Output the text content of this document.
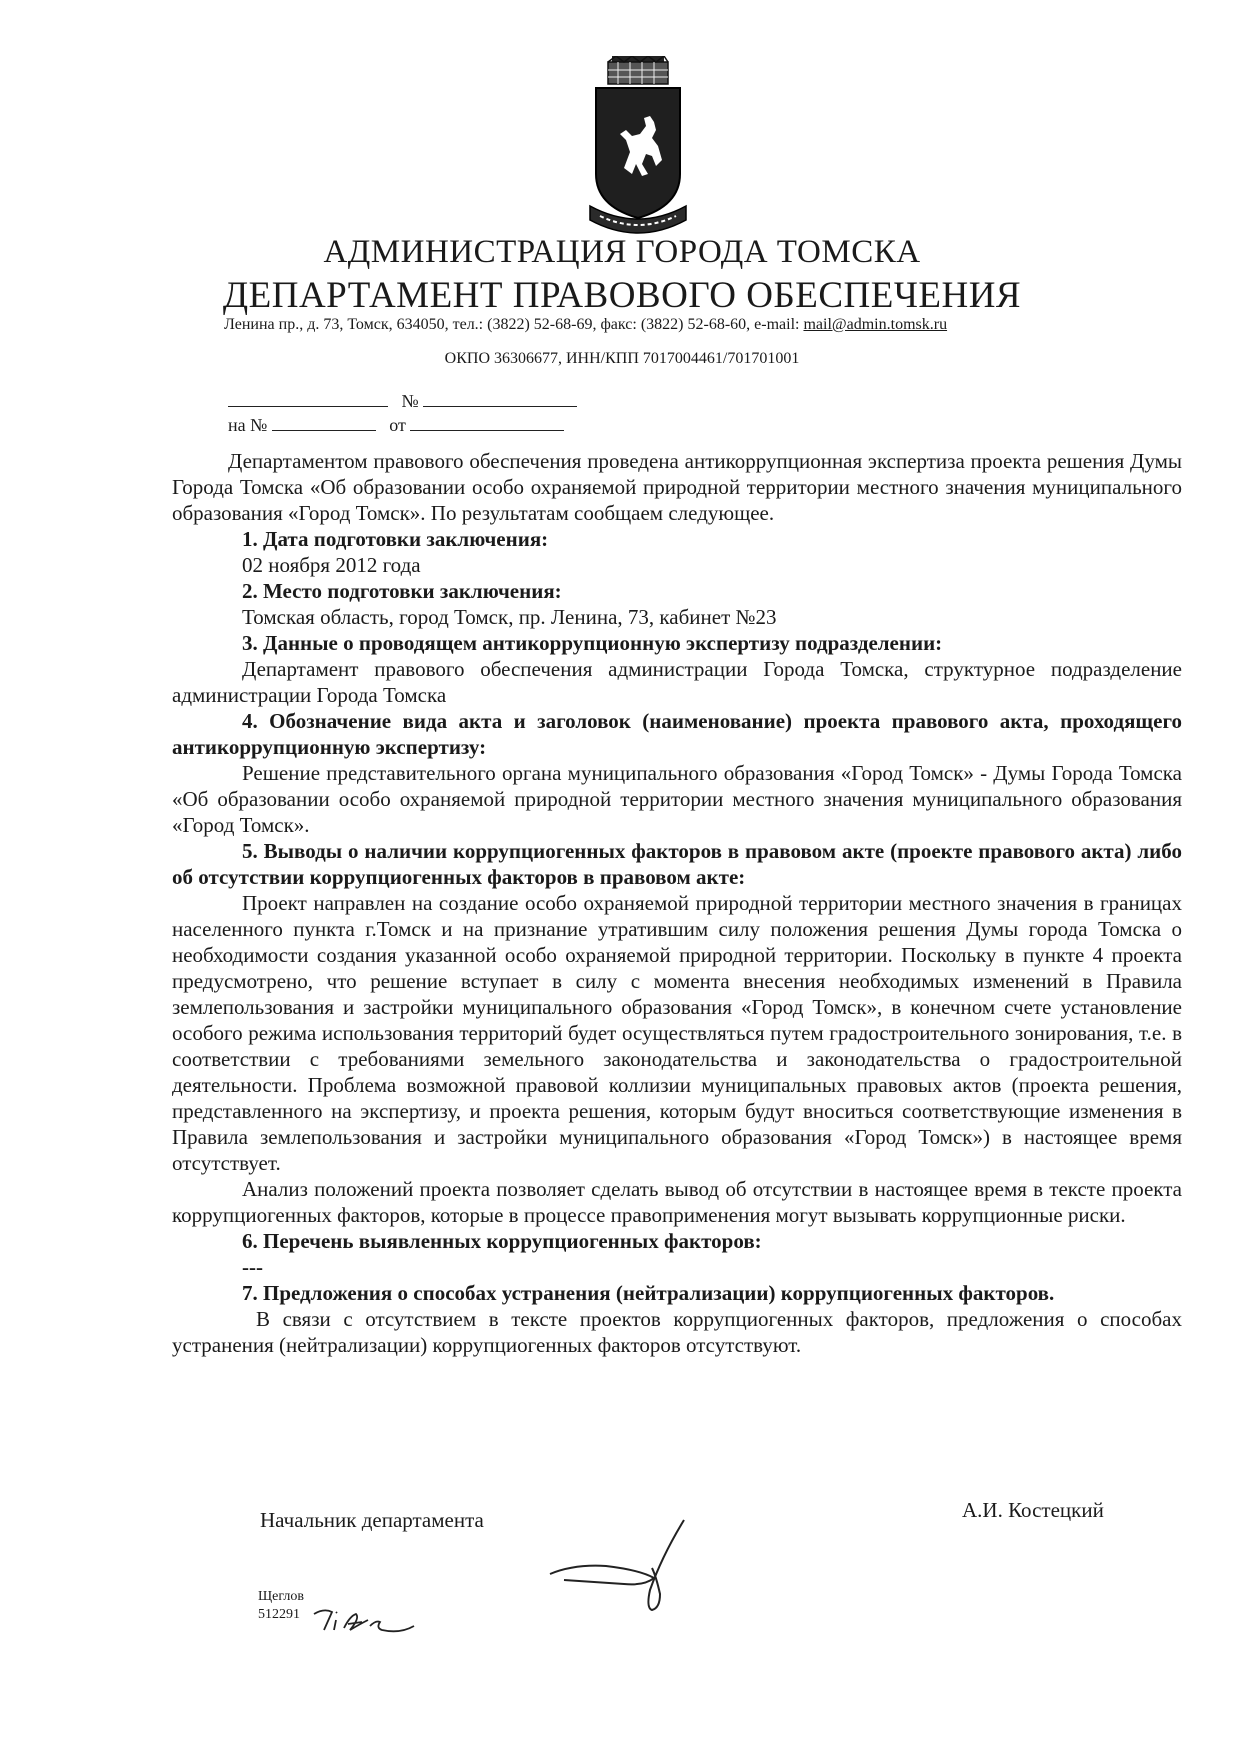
АДМИНИСТРАЦИЯ ГОРОДА ТОМСКА
ДЕПАРТАМЕНТ ПРАВОВОГО ОБЕСПЕЧЕНИЯ
Ленина пр., д. 73, Томск, 634050, тел.: (3822) 52-68-69, факс: (3822) 52-68-60, e-mail: mail@admin.tomsk.ru
ОКПО 36306677, ИНН/КПП 7017004461/701701001
№
на №	от

Департаментом правового обеспечения проведена антикоррупционная экспертиза проекта решения Думы Города Томска «Об образовании особо охраняемой природной территории местного значения муниципального образования «Город Томск». По результатам сообщаем следующее.

1. Дата подготовки заключения:

02 ноября 2012 года

2. Место подготовки заключения:

Томская область, город Томск, пр. Ленина, 73, кабинет №23

3. Данные о проводящем антикоррупционную экспертизу подразделении:

Департамент правового обеспечения администрации Города Томска, структурное подразделение администрации Города Томска

4. Обозначение вида акта и заголовок (наименование) проекта правового акта, проходящего антикоррупционную экспертизу:

Решение представительного органа муниципального образования «Город Томск» - Думы Города Томска «Об образовании особо охраняемой природной территории местного значения муниципального образования «Город Томск».

5. Выводы о наличии коррупциогенных факторов в правовом акте (проекте правового акта) либо об отсутствии коррупциогенных факторов в правовом акте:

Проект направлен на создание особо охраняемой природной территории местного значения в границах населенного пункта г.Томск и на признание утратившим силу положения решения Думы города Томска о необходимости создания указанной особо охраняемой природной территории. Поскольку в пункте 4 проекта предусмотрено, что решение вступает в силу с момента внесения необходимых изменений в Правила землепользования и застройки муниципального образования «Город Томск», в конечном счете установление особого режима использования территорий будет осуществляться путем градостроительного зонирования, т.е. в соответствии с требованиями земельного законодательства и законодательства о градостроительной деятельности. Проблема возможной правовой коллизии муниципальных правовых актов (проекта решения, представленного на экспертизу, и проекта решения, которым будут вноситься соответствующие изменения в Правила землепользования и застройки муниципального образования «Город Томск») в настоящее время отсутствует.

Анализ положений проекта позволяет сделать вывод об отсутствии в настоящее время в тексте проекта коррупциогенных факторов, которые в процессе правоприменения могут вызывать коррупционные риски.

6. Перечень выявленных коррупциогенных факторов:

---

7. Предложения о способах устранения (нейтрализации) коррупциогенных факторов.

В связи с отсутствием в тексте проектов коррупциогенных факторов, предложения о способах устранения (нейтрализации) коррупциогенных факторов отсутствуют.

Начальник департамента	А.И. Костецкий
Щеглов
512291
